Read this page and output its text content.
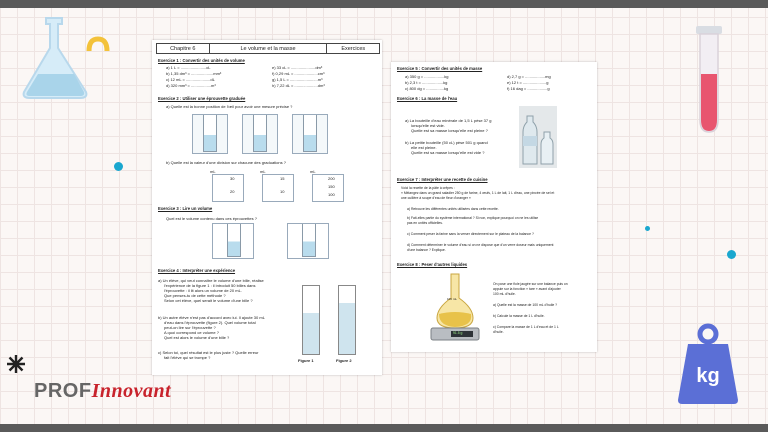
kg
Chapitre 6	Le volume et la masse	Exercices
Exercice 1 : Convertir des unités de volume
a) 1 L = .......................cL
b) 1,35 dm³ = ....................mm³
c) 12 mL = ......................dL
d) 320 mm³ = ..................m³
e) 33 cL = ......................dm³
f) 0,29 mL = .....................cm³
g) 1,5 L = .........................m³
h) 7,22 dL = .....................dm³
Exercice 2 : Utiliser une éprouvette graduée
a) Quelle est la bonne position de l'œil pour avoir une mesure précise ?
b) Quelle est la valeur d'une division sur chacune des graduations ?
mL	mL	mL
30
20
15
10
200
150
100
Exercice 3 : Lire un volume
Quel est le volume contenu dans ces éprouvettes ?
Exercice 4 : Interpréter une expérience
a) Un élève, qui veut connaître le volume d'une bille, réalise
l'expérience de la figure 1 : il introduit 50 billes dans
l'éprouvette : il lit alors un volume de 20 mL.
Que penses-tu de cette méthode ?
Selon cet élève, quel serait le volume d'une bille ?
b) Un autre élève n'est pas d'accord avec lui. Il ajoute 30 mL
d'eau dans l'éprouvette (figure 2). Quel volume total
peut-on lire sur l'éprouvette ?
A quoi correspond ce volume ?
Quel est alors le volume d'une bille ?
c) Selon toi, quel résultat est le plus juste ? Quelle erreur
fait l'élève qui se trompe ?
Figure 1	Figure 2
Exercice 5 : Convertir des unités de masse
a) 350 g = ..................kg
b) 2,3 t = ...................kg
c) 800 dg = ................kg
d) 2,7 g = ..................mg
e) 12 t = .....................g
f) 16 dag = ..................g
Exercice 6 : La masse de l'eau
a) La bouteille d'eau minérale de 1,5 L pèse 37 g
lorsqu'elle est vide.
Quelle est sa masse lorsqu'elle est pleine ?
b) La petite bouteille (50 cL) pèse 501 g quand
elle est pleine.
Quelle est sa masse lorsqu'elle est vide ?
Exercice 7 : Interpréter une recette de cuisine
Voici la recette de la pâte à crêpes :
« Mélangez dans un grand saladier 250 g de farine, 4 œufs, 1 L de lait, 1 L d'eau, une pincée de sel et
une cuillère à soupe d'eau de fleur d'oranger »
a) Retrouve les différentes unités utilisées dans cette recette.
b) Fait-elles partie du système international ? Si non, explique pourquoi on ne les utilise
pas en unités officielles.
c) Comment peser la farine sans la verser directement sur le plateau de la balance ?
d) Comment déterminer le volume d'eau si on ne dispose que d'un verre doseur mais uniquement
d'une balance ? Explique.
Exercice 8 : Peser d'autres liquides
100 mL
91.5 g
On pose une fiole jaugée sur une balance puis on
appuie sur la fonction « tare » avant d'ajouter
100 mL d'huile.
a) Quelle est la masse de 100 mL d'huile ?
b) Calcule la masse de 1 L d'huile.
c) Compare la masse de 1 L d'eau et de 1 L
d'huile.
PROFInnovant
